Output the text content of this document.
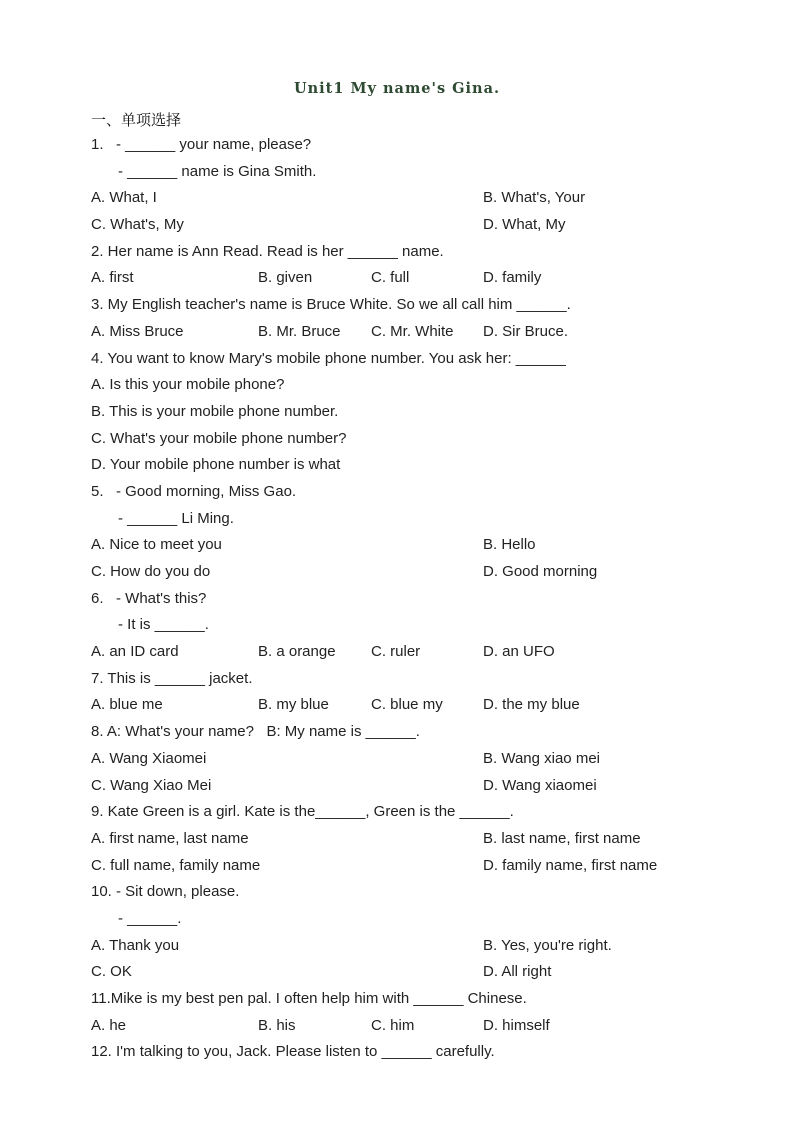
Unit1 My name's Gina.
一、单项选择
1.   - ______ your name, please?
- ______ name is Gina Smith.
A. What, I	B. What's, Your
C. What's, My	D. What, My
2. Her name is Ann Read. Read is her ______ name.
A. first	B. given	C. full	D. family
3. My English teacher's name is Bruce White. So we all call him ______.
A. Miss Bruce	B. Mr. Bruce C. Mr. White D. Sir Bruce.
4. You want to know Mary's mobile phone number. You ask her: ______
A. Is this your mobile phone?
B. This is your mobile phone number.
C. What's your mobile phone number?
D. Your mobile phone number is what
5.   - Good morning, Miss Gao.
- ______ Li Ming.
A. Nice to meet you	B. Hello
C. How do you do	D. Good morning
6.   - What's this?
- It is ______.
A. an ID card	B. a orange C. ruler	D. an UFO
7. This is ______ jacket.
A. blue me	B. my blue	C. blue my	D. the my blue
8. A: What's your name?   B: My name is ______.
A. Wang Xiaomei	B. Wang xiao mei
C. Wang Xiao Mei	D. Wang xiaomei
9. Kate Green is a girl. Kate is the______, Green is the ______.
A. first name, last name	B. last name, first name
C. full name, family name	D. family name, first name
10. - Sit down, please.
- ______.
A. Thank you	B. Yes, you're right.
C. OK	D. All right
11.Mike is my best pen pal. I often help him with ______ Chinese.
A. he	B. his	C. him	D. himself
12. I'm talking to you, Jack. Please listen to ______ carefully.
